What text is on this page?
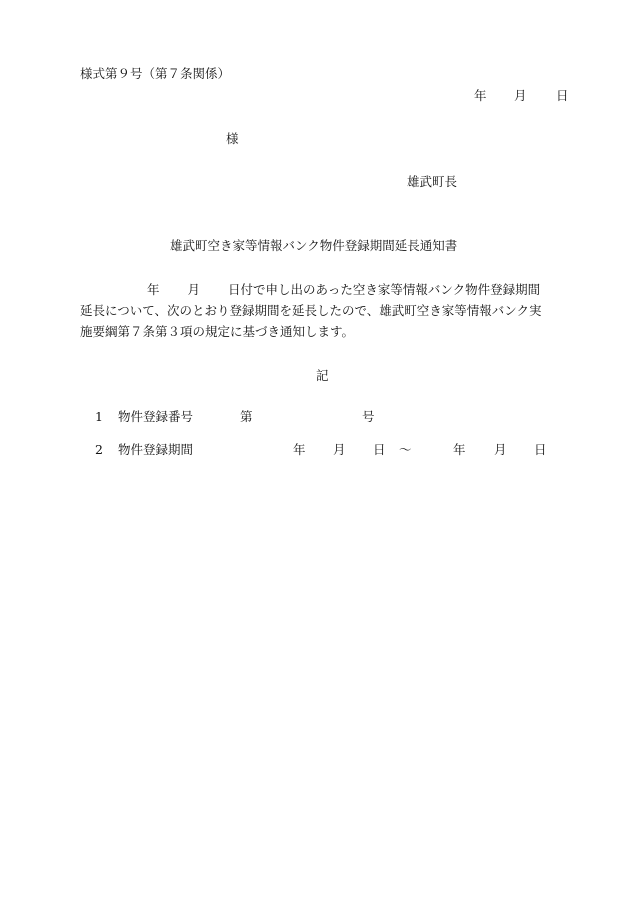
様式第９号（第７条関係）
年 月 日
様
雄武町長
雄武町空き家等情報バンク物件登録期間延長通知書
年 月 日付で申し出のあった空き家等情報バンク物件登録期間
延長について、次のとおり登録期間を延長したので、雄武町空き家等情報バンク実
施要綱第７条第３項の規定に基づき通知します。
記
1 物件登録番号	第	号
2 物件登録期間	年 月 日 ～	年 月 日
